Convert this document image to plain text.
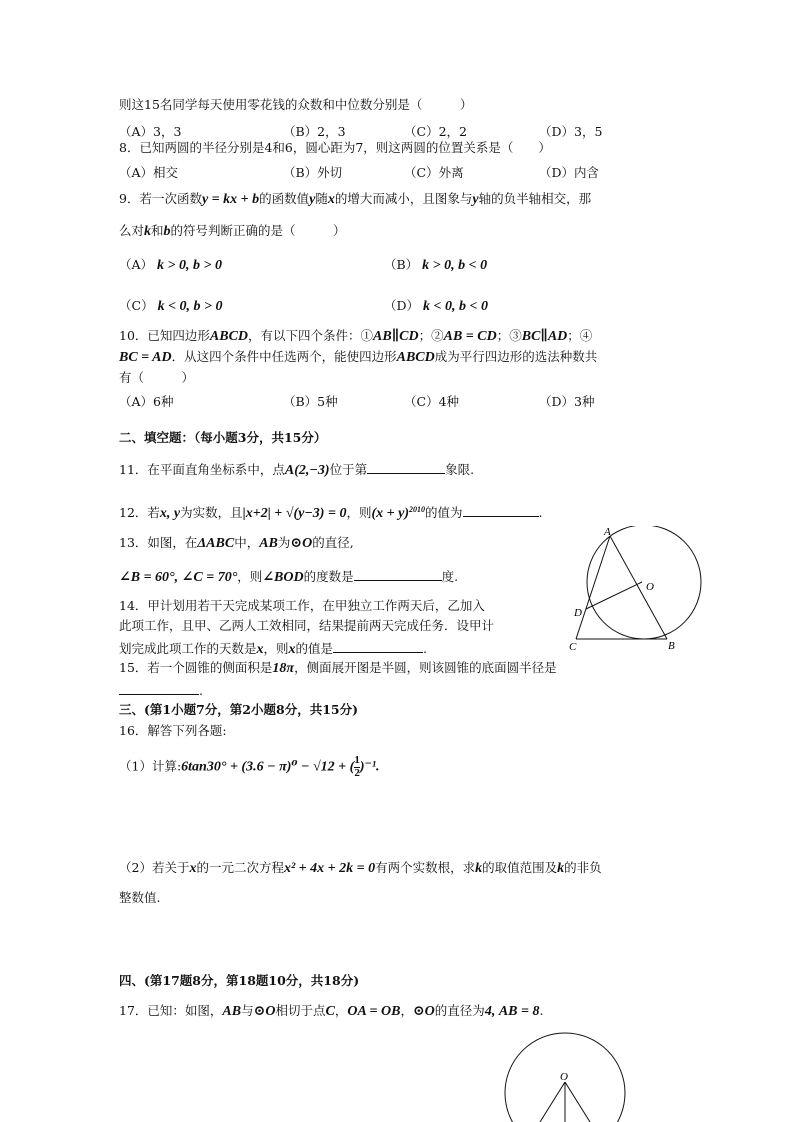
则这15名同学每天使用零花钱的众数和中位数分别是（　　　）
（A）3，3	（B）2，3	（C）2，2	（D）3，5
8．已知两圆的半径分别是4和6，圆心距为7，则这两圆的位置关系是（　　）
（A）相交	（B）外切	（C）外离	（D）内含
9．若一次函数y = kx + b的函数值y随x的增大而减小，且图象与y轴的负半轴相交，那
么对k和b的符号判断正确的是（　　　）
（A） k > 0, b > 0	（B） k > 0, b < 0
（C） k < 0, b > 0	（D） k < 0, b < 0
10．已知四边形ABCD，有以下四个条件：①AB∥CD；②AB = CD；③BC∥AD；④
BC = AD．从这四个条件中任选两个，能使四边形ABCD成为平行四边形的选法种数共
有（　　　）
（A）6种	（B）5种	（C）4种	（D）3种
二、填空题：（每小题3分，共15分）
11．在平面直角坐标系中，点A(2,−3)位于第	象限.
12．若x, y为实数，且|x+2| + √(y−3) = 0，则$(x + y)^{2010}$的值为	.
13．如图，在ΔABC中，AB为⊙O的直径,
∠B = 60°, ∠C = 70°，则∠BOD的度数是	度.
A
O
D
C	B
14．甲计划用若干天完成某项工作，在甲独立工作两天后，乙加入
此项工作，且甲、乙两人工效相同，结果提前两天完成任务．设甲计
划完成此项工作的天数是x，则x的值是	.
15．若一个圆锥的侧面积是18π，侧面展开图是半圆，则该圆锥的底面圆半径是
.
三、(第1小题7分，第2小题8分，共15分)
16．解答下列各题:
（1）计算:6tan30° + (3.6 − π)⁰ − √12 + ( $\frac{1}{2} )^{-1}$.
（2）若关于x的一元二次方程x² + 4x + 2k = 0有两个实数根，求k的取值范围及k的非负
整数值.
四、(第17题8分，第18题10分，共18分)
17．已知：如图，AB与⊙O相切于点C，OA = OB，⊙O的直径为4, AB = 8.
O
